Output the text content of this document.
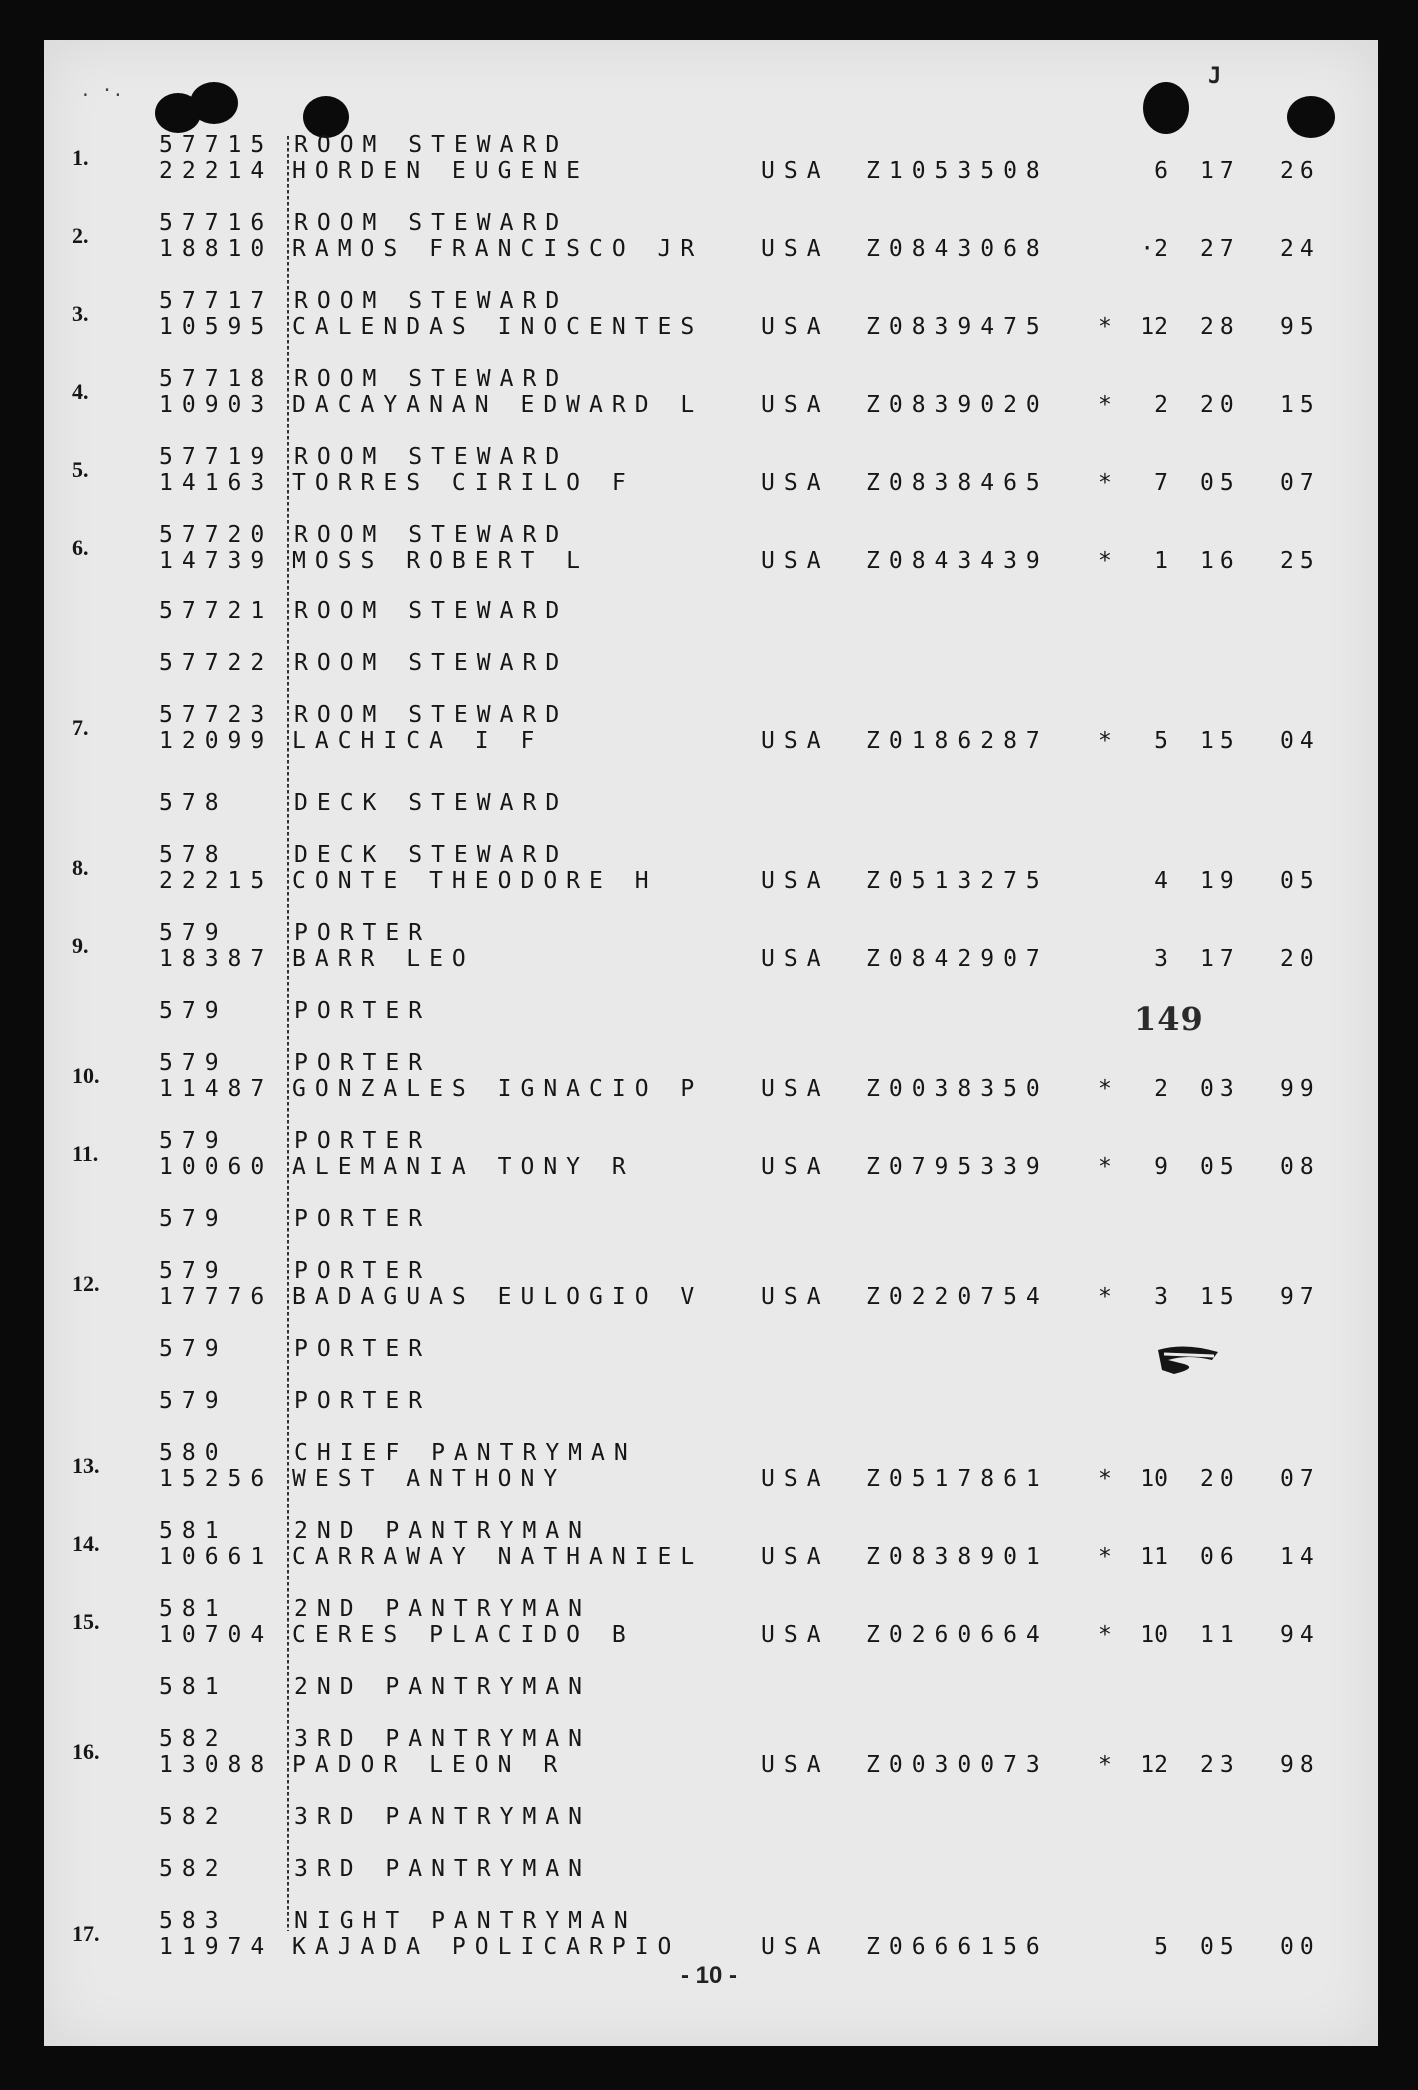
. ·.
J
1.	57715 ROOM STEWARD
22214 HORDEN EUGENE	USA Z1053508	6 17 26
2.	57716 ROOM STEWARD
18810 RAMOS FRANCISCO JR	USA Z0843068	·2 27 24
3.	57717 ROOM STEWARD
10595 CALENDAS INOCENTES	USA Z0839475 *	12 28 95
4.	57718 ROOM STEWARD
10903 DACAYANAN EDWARD L	USA Z0839020 *	2 20 15
5.	57719 ROOM STEWARD
14163 TORRES CIRILO F	USA Z0838465 *	7 05 07
6.	57720 ROOM STEWARD
14739 MOSS ROBERT L	USA Z0843439 *	1 16 25
57721 ROOM STEWARD
57722 ROOM STEWARD
7.	57723 ROOM STEWARD
12099 LACHICA I F	USA Z0186287 *	5 15 04
578	DECK STEWARD
8.	578	DECK STEWARD
22215 CONTE THEODORE H	USA Z0513275	4 19 05
9.	579	PORTER
18387 BARR LEO	USA Z0842907	3 17 20
579	PORTER
10.	579	PORTER
11487 GONZALES IGNACIO P	USA Z0038350 *	2 03 99
11.	579	PORTER
10060 ALEMANIA TONY R	USA Z0795339 *	9 05 08
579	PORTER
12.	579	PORTER
17776 BADAGUAS EULOGIO V	USA Z0220754 *	3 15 97
579	PORTER
579	PORTER
13.	580	CHIEF PANTRYMAN
15256 WEST ANTHONY	USA Z0517861 *	10 20 07
14.	581	2ND PANTRYMAN
10661 CARRAWAY NATHANIEL	USA Z0838901 *	11 06 14
15.	581	2ND PANTRYMAN
10704 CERES PLACIDO B	USA Z0260664 *	10 11 94
581	2ND PANTRYMAN
16.	582	3RD PANTRYMAN
13088 PADOR LEON R	USA Z0030073 *	12 23 98
582	3RD PANTRYMAN
582	3RD PANTRYMAN
17.	583	NIGHT PANTRYMAN
11974 KAJADA POLICARPIO	USA Z0666156	5 05 00
149
- 10 -
